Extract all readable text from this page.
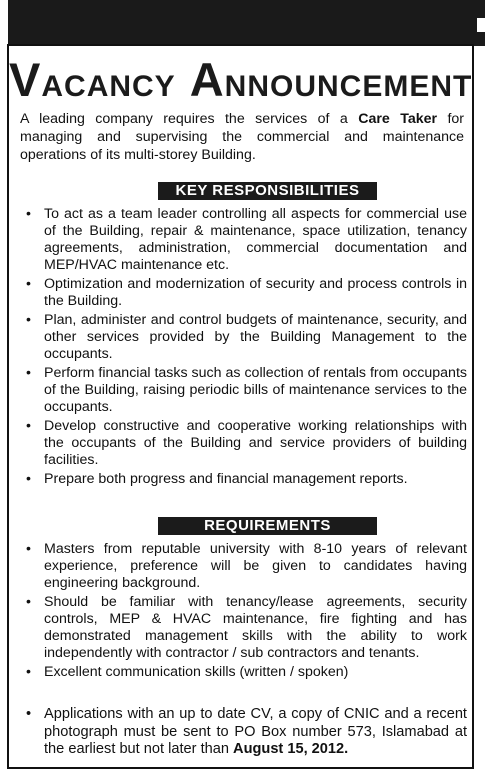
VACANCY ANNOUNCEMENT
A leading company requires the services of a Care Taker for managing and supervising the commercial and maintenance operations of its multi-storey Building.
KEY RESPONSIBILITIES
• To act as a team leader controlling all aspects for commercial use of the Building, repair & maintenance, space utilization, tenancy agreements, administration, commercial documentation and MEP/HVAC maintenance etc.
• Optimization and modernization of security and process controls in the Building.
• Plan, administer and control budgets of maintenance, security, and other services provided by the Building Management to the occupants.
• Perform financial tasks such as collection of rentals from occupants of the Building, raising periodic bills of maintenance services to the occupants.
• Develop constructive and cooperative working relationships with the occupants of the Building and service providers of building facilities.
• Prepare both progress and financial management reports.
REQUIREMENTS
• Masters from reputable university with 8-10 years of relevant experience, preference will be given to candidates having engineering background.
• Should be familiar with tenancy/lease agreements, security controls, MEP & HVAC maintenance, fire fighting and has demonstrated management skills with the ability to work independently with contractor / sub contractors and tenants.
• Excellent communication skills (written / spoken)
• Applications with an up to date CV, a copy of CNIC and a recent photograph must be sent to PO Box number 573, Islamabad at the earliest but not later than August 15, 2012.
